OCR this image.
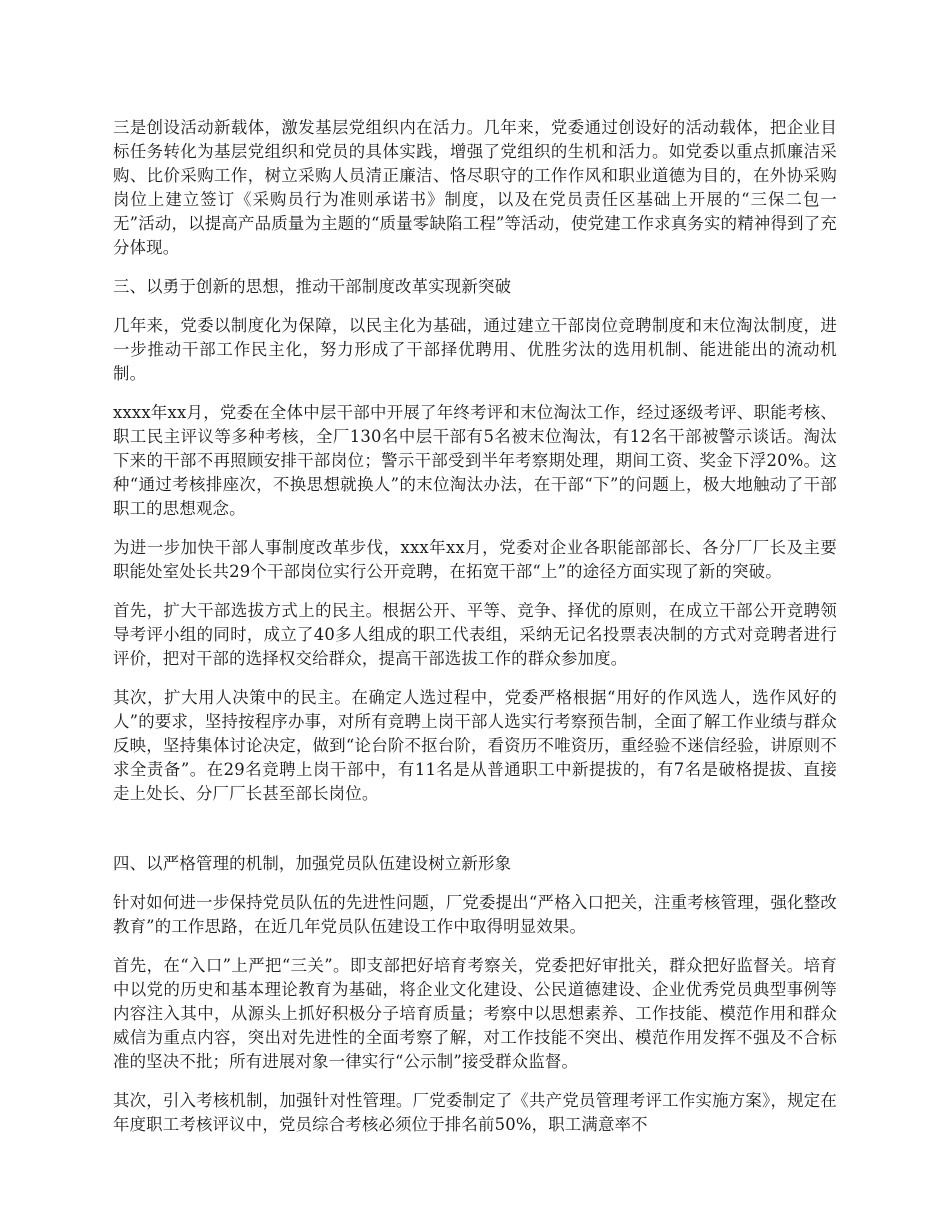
三是创设活动新载体，激发基层党组织内在活力。几年来，党委通过创设好的活动载体，把企业目标任务转化为基层党组织和党员的具体实践，增强了党组织的生机和活力。如党委以重点抓廉洁采购、比价采购工作，树立采购人员清正廉洁、恪尽职守的工作作风和职业道德为目的，在外协采购岗位上建立签订《采购员行为准则承诺书》制度，以及在党员责任区基础上开展的“三保二包一无”活动，以提高产品质量为主题的“质量零缺陷工程”等活动，使党建工作求真务实的精神得到了充分体现。

三、以勇于创新的思想，推动干部制度改革实现新突破

几年来，党委以制度化为保障，以民主化为基础，通过建立干部岗位竞聘制度和末位淘汰制度，进一步推动干部工作民主化，努力形成了干部择优聘用、优胜劣汰的选用机制、能进能出的流动机制。

xxxx年xx月，党委在全体中层干部中开展了年终考评和末位淘汰工作，经过逐级考评、职能考核、职工民主评议等多种考核，全厂130名中层干部有5名被末位淘汰，有12名干部被警示谈话。淘汰下来的干部不再照顾安排干部岗位；警示干部受到半年考察期处理，期间工资、奖金下浮20%。这种“通过考核排座次，不换思想就换人”的末位淘汰办法，在干部“下”的问题上，极大地触动了干部职工的思想观念。

为进一步加快干部人事制度改革步伐，xxx年xx月，党委对企业各职能部部长、各分厂厂长及主要职能处室处长共29个干部岗位实行公开竞聘，在拓宽干部“上”的途径方面实现了新的突破。

首先，扩大干部选拔方式上的民主。根据公开、平等、竞争、择优的原则，在成立干部公开竞聘领导考评小组的同时，成立了40多人组成的职工代表组，采纳无记名投票表决制的方式对竞聘者进行评价，把对干部的选择权交给群众，提高干部选拔工作的群众参加度。

其次，扩大用人决策中的民主。在确定人选过程中，党委严格根据“用好的作风选人，选作风好的人”的要求，坚持按程序办事，对所有竞聘上岗干部人选实行考察预告制，全面了解工作业绩与群众反映，坚持集体讨论决定，做到“论台阶不抠台阶，看资历不唯资历，重经验不迷信经验，讲原则不求全责备”。在29名竞聘上岗干部中，有11名是从普通职工中新提拔的，有7名是破格提拔、直接走上处长、分厂厂长甚至部长岗位。

四、以严格管理的机制，加强党员队伍建设树立新形象

针对如何进一步保持党员队伍的先进性问题，厂党委提出“严格入口把关，注重考核管理，强化整改教育”的工作思路，在近几年党员队伍建设工作中取得明显效果。

首先，在“入口”上严把“三关”。即支部把好培育考察关，党委把好审批关，群众把好监督关。培育中以党的历史和基本理论教育为基础，将企业文化建设、公民道德建设、企业优秀党员典型事例等内容注入其中，从源头上抓好积极分子培育质量；考察中以思想素养、工作技能、模范作用和群众威信为重点内容，突出对先进性的全面考察了解，对工作技能不突出、模范作用发挥不强及不合标准的坚决不批；所有进展对象一律实行“公示制”接受群众监督。

其次，引入考核机制，加强针对性管理。厂党委制定了《共产党员管理考评工作实施方案》，规定在年度职工考核评议中，党员综合考核必须位于排名前50%，职工满意率不
